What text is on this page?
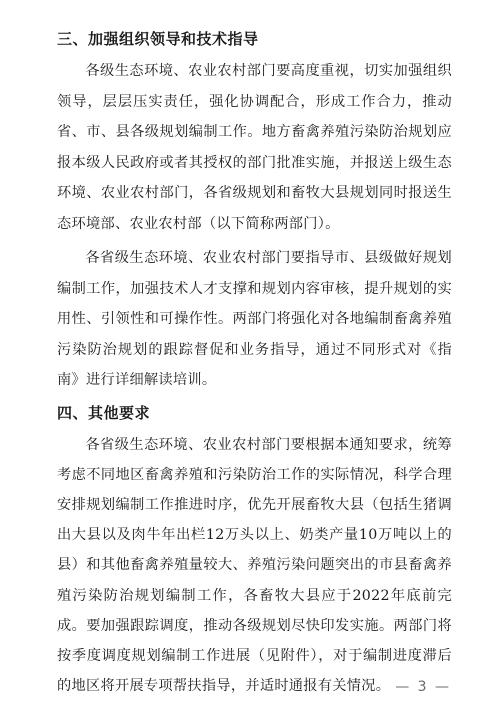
三、加强组织领导和技术指导

各级生态环境、农业农村部门要高度重视，切实加强组织领导，层层压实责任，强化协调配合，形成工作合力，推动省、市、县各级规划编制工作。地方畜禽养殖污染防治规划应报本级人民政府或者其授权的部门批准实施，并报送上级生态环境、农业农村部门，各省级规划和畜牧大县规划同时报送生态环境部、农业农村部（以下简称两部门）。

各省级生态环境、农业农村部门要指导市、县级做好规划编制工作，加强技术人才支撑和规划内容审核，提升规划的实用性、引领性和可操作性。两部门将强化对各地编制畜禽养殖污染防治规划的跟踪督促和业务指导，通过不同形式对《指南》进行详细解读培训。

四、其他要求

各省级生态环境、农业农村部门要根据本通知要求，统筹考虑不同地区畜禽养殖和污染防治工作的实际情况，科学合理安排规划编制工作推进时序，优先开展畜牧大县（包括生猪调出大县以及肉牛年出栏12万头以上、奶类产量10万吨以上的县）和其他畜禽养殖量较大、养殖污染问题突出的市县畜禽养殖污染防治规划编制工作，各畜牧大县应于2022年底前完成。要加强跟踪调度，推动各级规划尽快印发实施。两部门将按季度调度规划编制工作进展（见附件），对于编制进度滞后的地区将开展专项帮扶指导，并适时通报有关情况。 — 3 —
